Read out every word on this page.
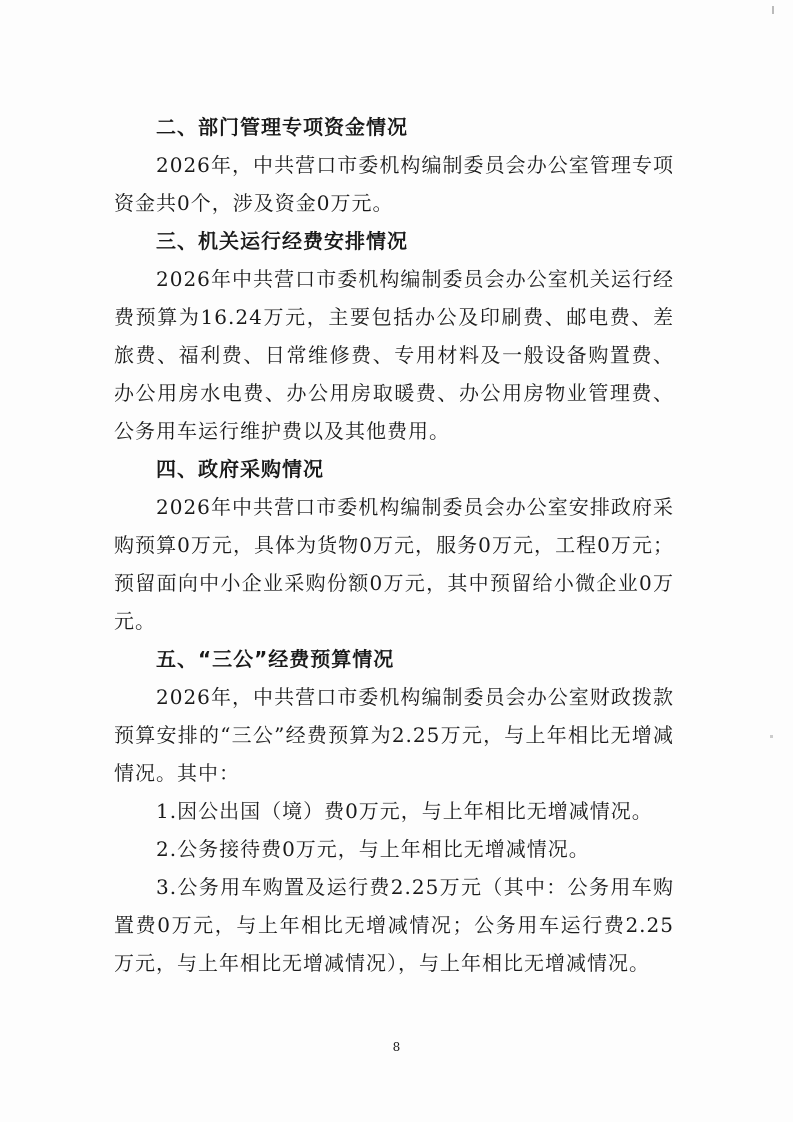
二、部门管理专项资金情况
2026年，中共营口市委机构编制委员会办公室管理专项资金共0个，涉及资金0万元。
三、机关运行经费安排情况
2026年中共营口市委机构编制委员会办公室机关运行经费预算为16.24万元，主要包括办公及印刷费、邮电费、差旅费、福利费、日常维修费、专用材料及一般设备购置费、办公用房水电费、办公用房取暖费、办公用房物业管理费、公务用车运行维护费以及其他费用。
四、政府采购情况
2026年中共营口市委机构编制委员会办公室安排政府采购预算0万元，具体为货物0万元，服务0万元，工程0万元；预留面向中小企业采购份额0万元，其中预留给小微企业0万元。
五、“三公”经费预算情况
2026年，中共营口市委机构编制委员会办公室财政拨款预算安排的“三公”经费预算为2.25万元，与上年相比无增减情况。其中：
1.因公出国（境）费0万元，与上年相比无增减情况。
2.公务接待费0万元，与上年相比无增减情况。
3.公务用车购置及运行费2.25万元（其中：公务用车购置费0万元，与上年相比无增减情况；公务用车运行费2.25万元，与上年相比无增减情况），与上年相比无增减情况。
8
